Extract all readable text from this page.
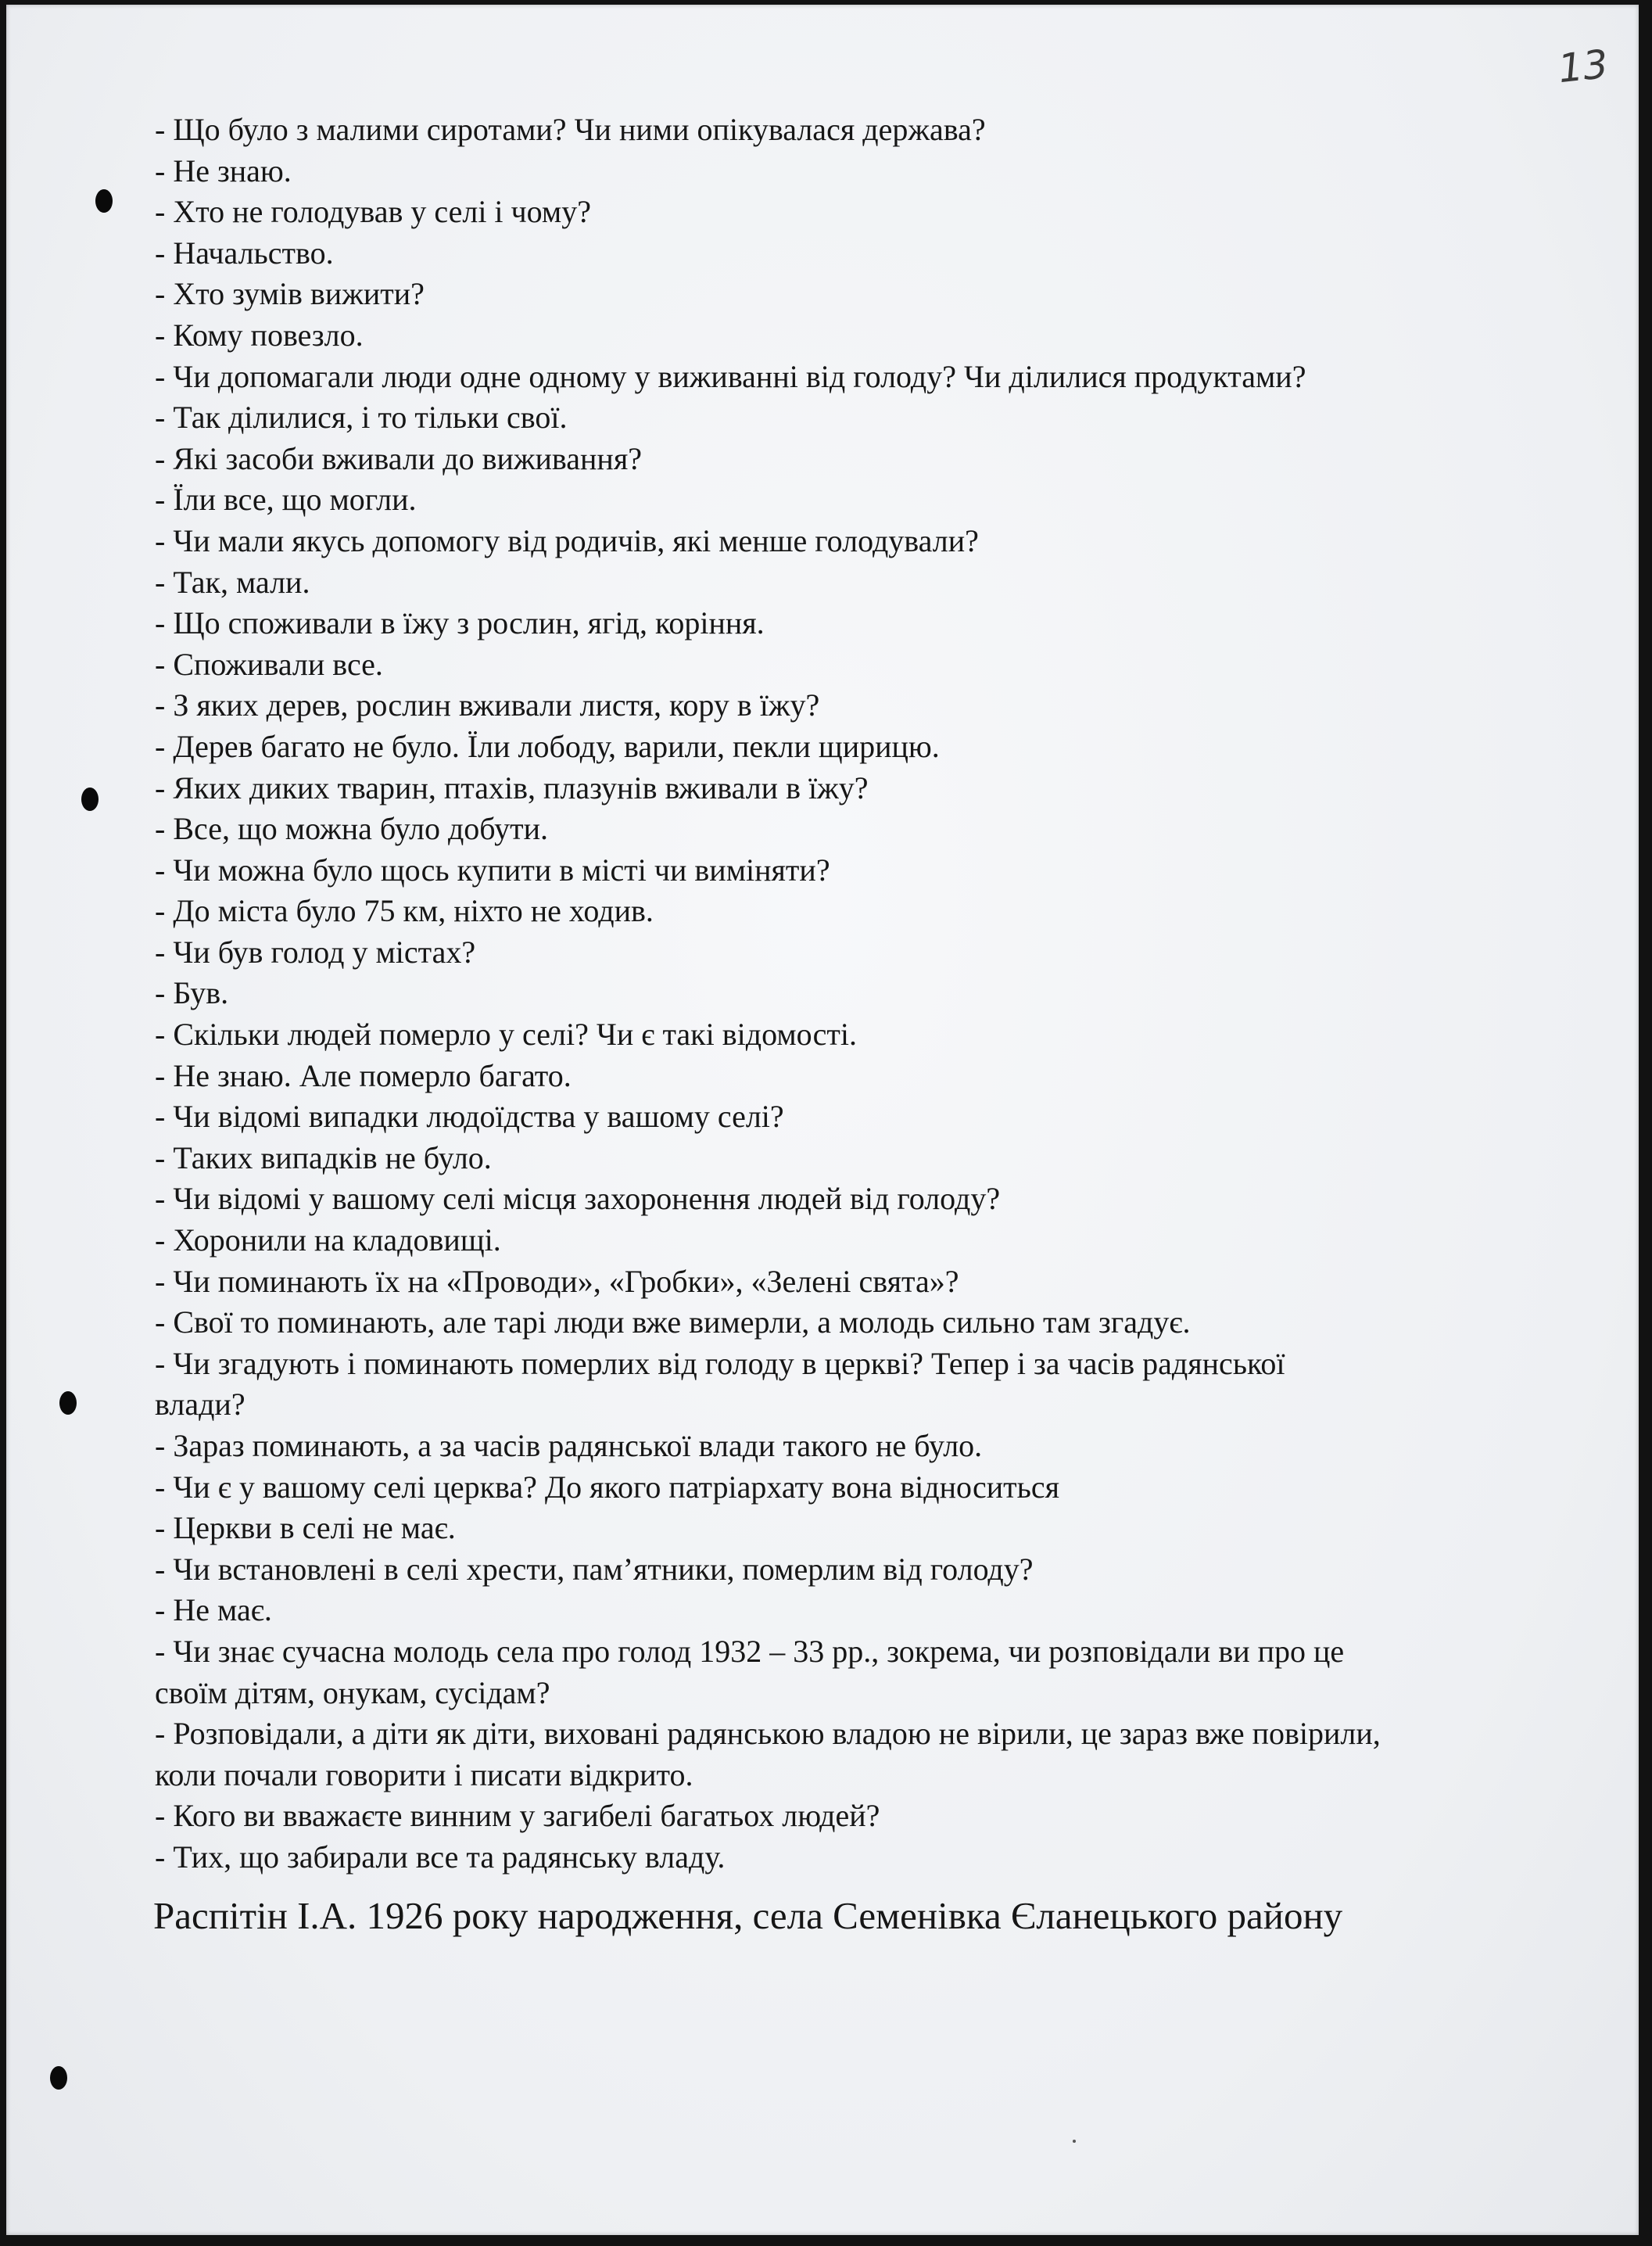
13
- Що було з малими сиротами? Чи ними опікувалася держава?
- Не знаю.
- Хто не голодував у селі і чому?
- Начальство.
- Хто зумів вижити?
- Кому повезло.
- Чи допомагали люди одне одному у виживанні від голоду? Чи ділилися продуктами?
- Так ділилися, і то тільки свої.
- Які засоби вживали до виживання?
- Їли все, що могли.
- Чи мали якусь допомогу від родичів, які менше голодували?
- Так, мали.
- Що споживали в їжу з рослин, ягід, коріння.
- Споживали все.
- З яких дерев, рослин вживали листя, кору в їжу?
- Дерев багато не було. Їли лободу, варили, пекли щирицю.
- Яких диких тварин, птахів, плазунів вживали в їжу?
- Все, що можна було добути.
- Чи можна було щось купити в місті чи виміняти?
- До міста було 75 км, ніхто не ходив.
- Чи був голод у містах?
- Був.
- Скільки людей померло у селі? Чи є такі відомості.
- Не знаю. Але померло багато.
- Чи відомі випадки людоїдства у вашому селі?
- Таких випадків не було.
- Чи відомі у вашому селі місця захоронення людей від голоду?
- Хоронили на кладовищі.
- Чи поминають їх на «Проводи», «Гробки», «Зелені свята»?
- Свої то поминають, але тарі люди вже вимерли, а молодь сильно там згадує.
- Чи згадують і поминають померлих від голоду в церкві? Тепер і за часів радянської
влади?
- Зараз поминають, а за часів радянської влади такого не було.
- Чи є у вашому селі церква? До якого патріархату вона відноситься
- Церкви в селі не має.
- Чи встановлені в селі хрести, пам’ятники, померлим від голоду?
- Не має.
- Чи знає сучасна молодь села про голод 1932 – 33 рр., зокрема, чи розповідали ви про це
своїм дітям, онукам, сусідам?
- Розповідали, а діти як діти, виховані радянською владою не вірили, це зараз вже повірили,
коли почали говорити і писати відкрито.
- Кого ви вважаєте винним у загибелі багатьох людей?
- Тих, що забирали все та радянську владу.
Распітін І.А. 1926 року народження, села Семенівка Єланецького району
